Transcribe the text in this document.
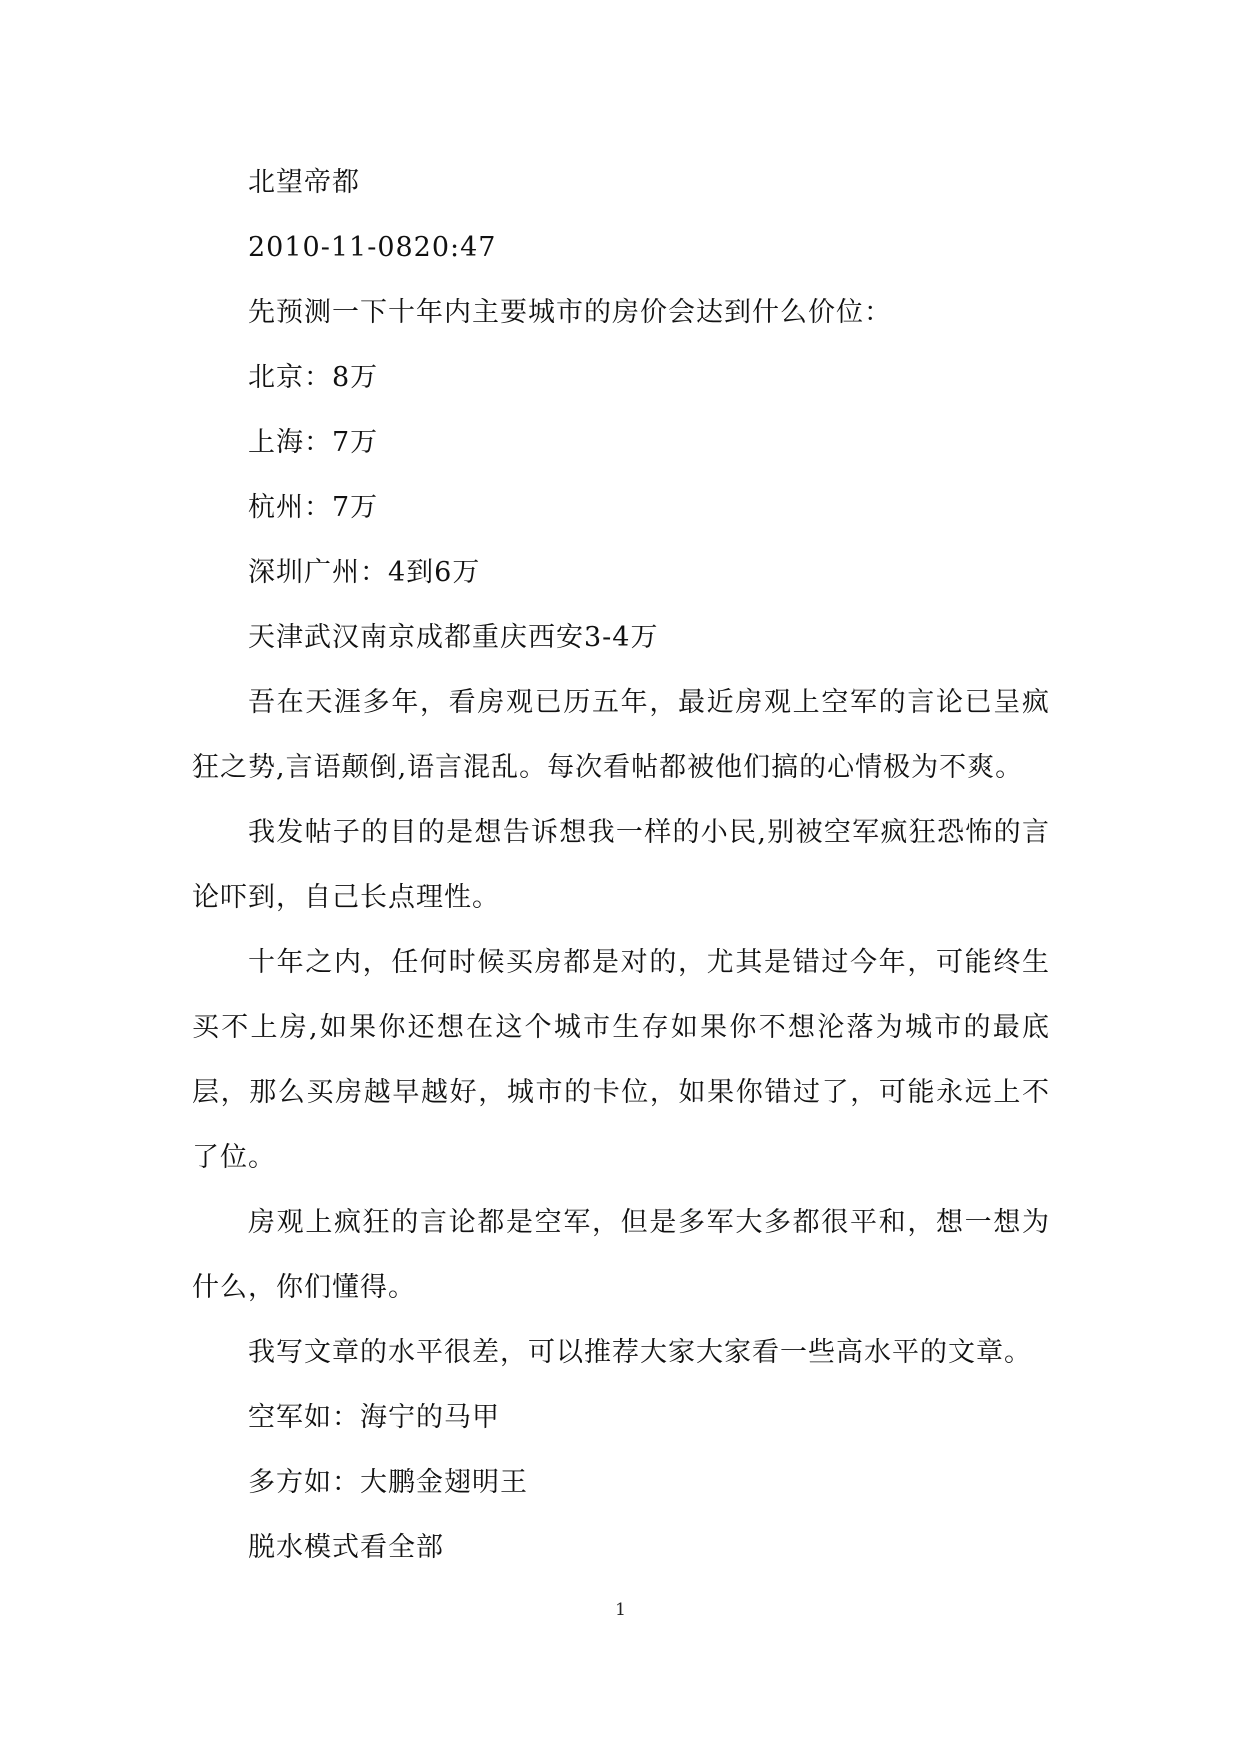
北望帝都

2010-11-0820:47

先预测一下十年内主要城市的房价会达到什么价位：

北京：8万

上海：7万

杭州：7万

深圳广州：4到6万

天津武汉南京成都重庆西安3-4万

吾在天涯多年，看房观已历五年，最近房观上空军的言论已呈疯狂之势,言语颠倒,语言混乱。每次看帖都被他们搞的心情极为不爽。

我发帖子的目的是想告诉想我一样的小民,别被空军疯狂恐怖的言论吓到，自己长点理性。

十年之内，任何时候买房都是对的，尤其是错过今年，可能终生买不上房,如果你还想在这个城市生存如果你不想沦落为城市的最底层，那么买房越早越好，城市的卡位，如果你错过了，可能永远上不了位。

房观上疯狂的言论都是空军，但是多军大多都很平和，想一想为什么，你们懂得。

我写文章的水平很差，可以推荐大家大家看一些高水平的文章。

空军如：海宁的马甲

多方如：大鹏金翅明王

脱水模式看全部

1
